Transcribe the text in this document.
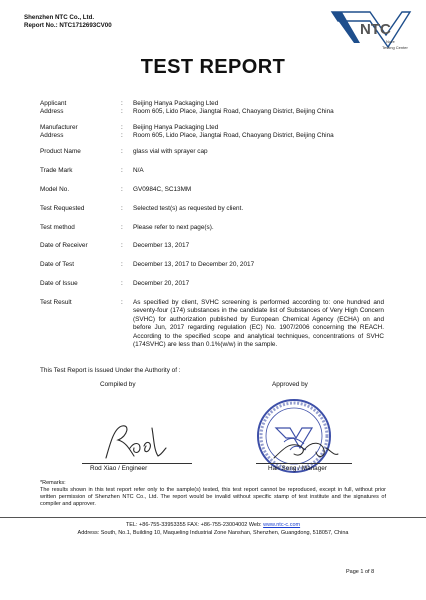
Shenzhen NTC Co., Ltd.
Report No.: NTC1712693CV00	NTC
Nore
Testing Center
TEST REPORT
Applicant	:	Beijing Hanya Packaging Lted
Address	:	Room 605, Lido Place, Jiangtai Road, Chaoyang District, Beijing China
Manufacturer	:	Beijing Hanya Packaging Lted
Address	:	Room 605, Lido Place, Jiangtai Road, Chaoyang District, Beijing China
Product Name	:	glass vial with sprayer cap
Trade Mark	:	N/A
Model No.	:	GV0984C, SC13MM
Test Requested	:	Selected test(s) as requested by client.
Test method	:	Please refer to next page(s).
Date of Receiver	:	December 13, 2017
Date of Test	:	December 13, 2017 to December 20, 2017
Date of Issue	:	December 20, 2017
Test Result	:	As specified by client, SVHC screening is performed according to: one hundred and seventy-four (174) substances in the candidate list of Substances of Very High Concern (SVHC) for authorization published by European Chemical Agency (ECHA) on and before Jun, 2017 regarding regulation (EC) No. 1907/2006 concerning the REACH. According to the specified scope and analytical techniques, concentrations of SVHC (174SVHC) are less than 0.1%(w/w) in the sample.
This Test Report is Issued Under the Authority of :
Compiled by	Approved by
Rod Xiao / Engineer	Han Song / Manager
*Remarks:
The results shown in this test report refer only to the sample(s) tested, this test report cannot be reproduced, except in full, without prior written permission of Shenzhen NTC Co., Ltd. The report would be invalid without specific stamp of test institute and the signatures of compiler and approver.
TEL: +86-755-33953355 FAX: +86-755-23004002 Web: www.ntc-c.com
Address: South, No.1, Building 10, Maqueling Industrial Zone Nanshan, Shenzhen, Guangdong, 518057, China
Page 1 of 8
